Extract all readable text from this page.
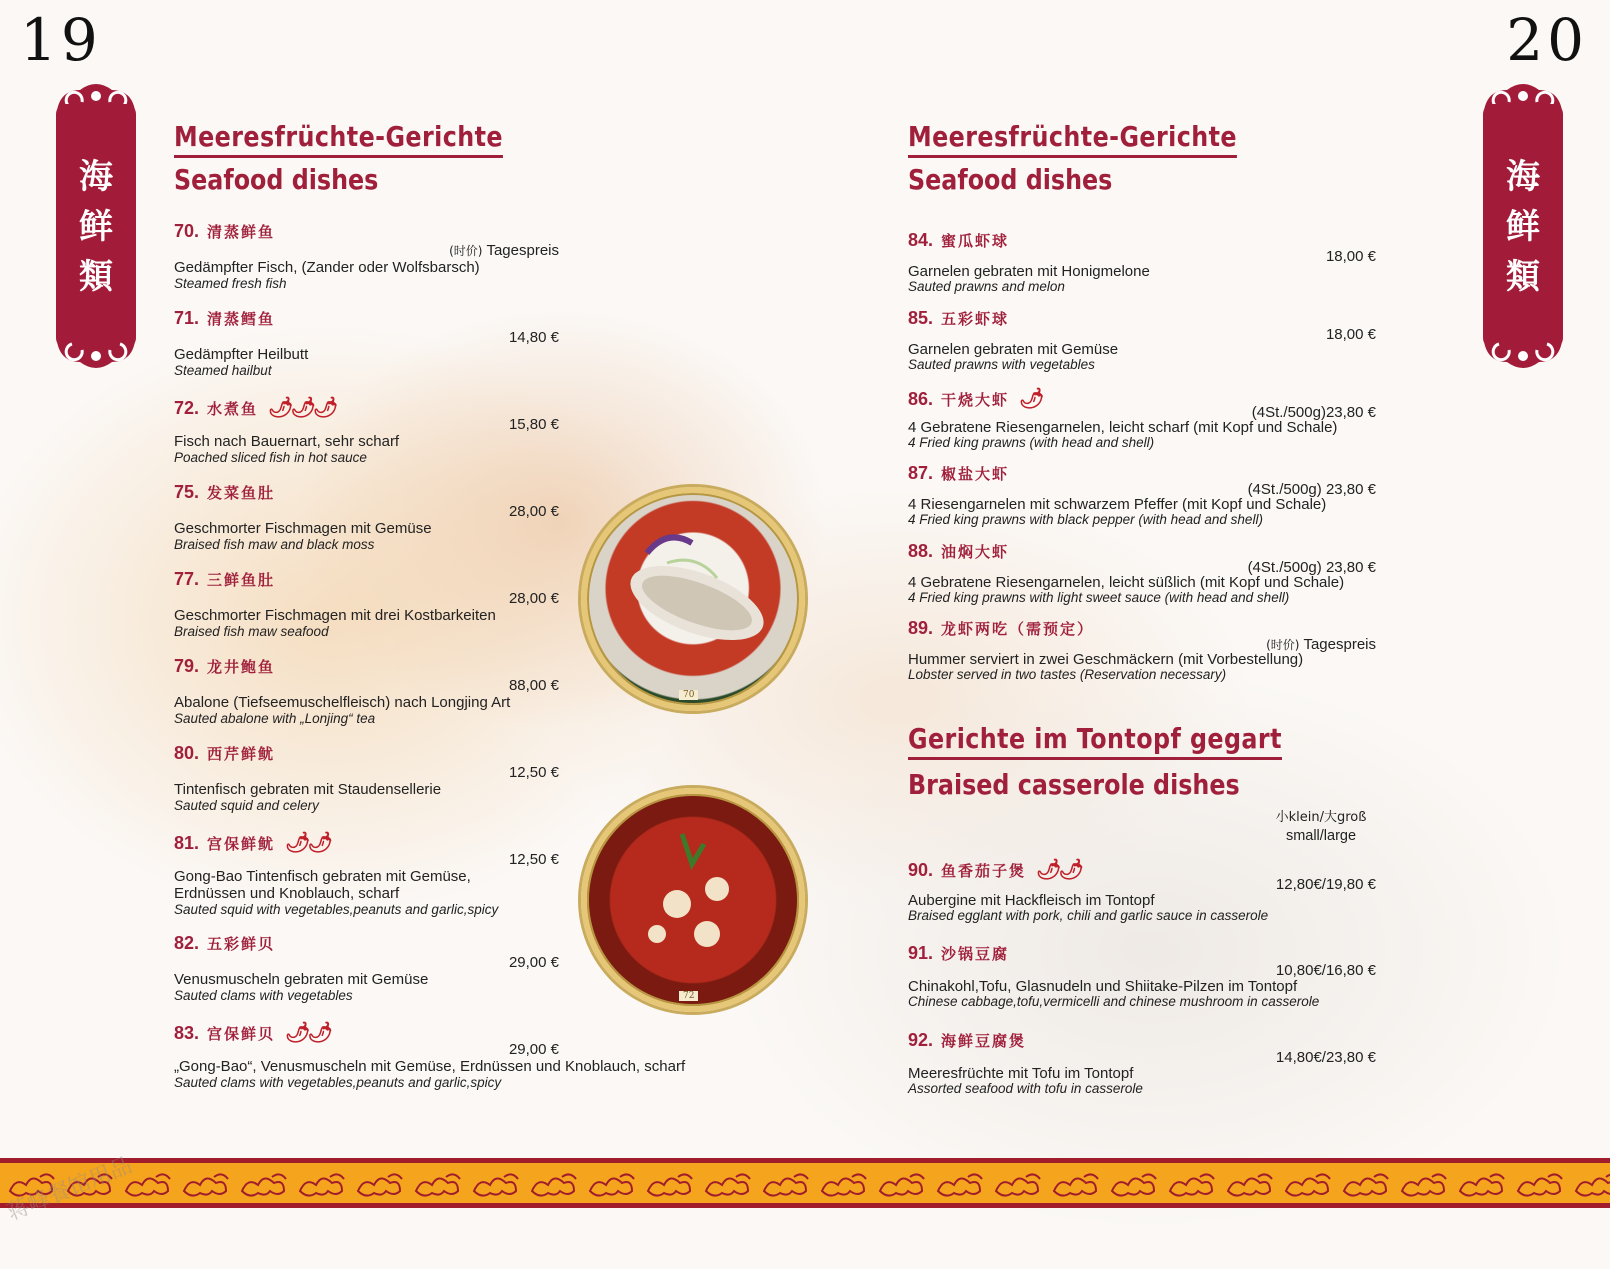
19	20
海
鲜
類
海
鲜
類
Meeresfrüchte-Gerichte
Seafood dishes
70. 清蒸鲜鱼
(时价) Tagespreis
Gedämpfter Fisch, (Zander oder Wolfsbarsch)
Steamed fresh fish
71. 清蒸鳕鱼
14,80 €
Gedämpfter Heilbutt
Steamed hailbut
72. 水煮鱼 🌶🌶🌶
15,80 €
Fisch nach Bauernart, sehr scharf
Poached sliced fish in hot sauce
75. 发菜鱼肚
28,00 €
Geschmorter Fischmagen mit Gemüse
Braised fish maw and black moss
77. 三鲜鱼肚
28,00 €
Geschmorter Fischmagen mit drei Kostbarkeiten
Braised fish maw seafood
79. 龙井鲍鱼
88,00 €
Abalone (Tiefseemuschelfleisch) nach Longjing Art
Sauted abalone with „Lonjing“ tea
80. 西芹鲜鱿
12,50 €
Tintenfisch gebraten mit Staudensellerie
Sauted squid and celery
81. 宫保鲜鱿 🌶🌶
12,50 €
Gong-Bao Tintenfisch gebraten mit Gemüse,
Erdnüssen und Knoblauch, scharf
Sauted squid with vegetables,peanuts and garlic,spicy
82. 五彩鲜贝
29,00 €
Venusmuscheln gebraten mit Gemüse
Sauted clams with vegetables
83. 宫保鲜贝 🌶🌶
29,00 €
„Gong-Bao“, Venusmuscheln mit Gemüse, Erdnüssen und Knoblauch, scharf
Sauted clams with vegetables,peanuts and garlic,spicy
70
72
Meeresfrüchte-Gerichte
Seafood dishes
84. 蜜瓜虾球
18,00 €
Garnelen gebraten mit Honigmelone
Sauted prawns and melon
85. 五彩虾球
18,00 €
Garnelen gebraten mit Gemüse
Sauted prawns with vegetables
86. 干烧大虾 🌶
(4St./500g)23,80 €
4 Gebratene Riesengarnelen, leicht scharf (mit Kopf und Schale)
4 Fried king prawns (with head and shell)
87. 椒盐大虾
(4St./500g) 23,80 €
4 Riesengarnelen mit schwarzem Pfeffer (mit Kopf und Schale)
4 Fried king prawns with black pepper (with head and shell)
88. 油焖大虾
(4St./500g) 23,80 €
4 Gebratene Riesengarnelen, leicht süßlich (mit Kopf und Schale)
4 Fried king prawns with light sweet sauce (with head and shell)
89. 龙虾两吃（需预定）
(时价) Tagespreis
Hummer serviert in zwei Geschmäckern (mit Vorbestellung)
Lobster served in two tastes (Reservation necessary)
Gerichte im Tontopf gegart
Braised casserole dishes
小klein/大groß
small/large
90. 鱼香茄子煲 🌶🌶
12,80€/19,80 €
Aubergine mit Hackfleisch im Tontopf
Braised egglant with pork, chili and garlic sauce in casserole
91. 沙锅豆腐
10,80€/16,80 €
Chinakohl,Tofu, Glasnudeln und Shiitake-Pilzen im Tontopf
Chinese cabbage,tofu,vermicelli and chinese mushroom in casserole
92. 海鲜豆腐煲
14,80€/23,80 €
Meeresfrüchte mit Tofu im Tontopf
Assorted seafood with tofu in casserole
蒋峰餐馆用品
